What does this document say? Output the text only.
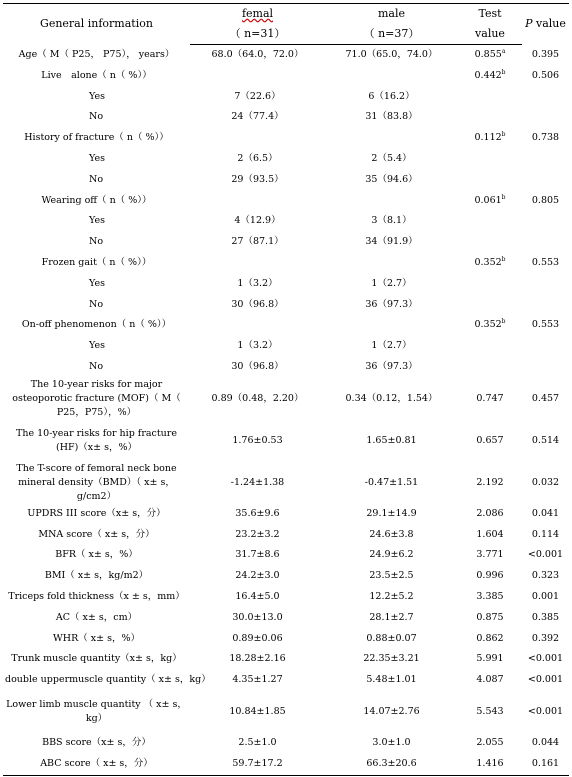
General information	femal	male	Test	P value
	（ n=31）	（ n=37）	value	
Age（ M（ P25， P75）， years）	68.0（64.0，72.0）	71.0（65.0，74.0）	0.855$^a$	0.395
Live　alone（ n（ %））			0.442$^b$	0.506
Yes	7（22.6）	6（16.2）		
No	24（77.4）	31（83.8）		
History of fracture（ n（ %））			0.112$^b$	0.738
Yes	2（6.5）	2（5.4）		
No	29（93.5）	35（94.6）		
Wearing off（ n（ %））			0.061$^b$	0.805
Yes	4（12.9）	3（8.1）		
No	27（87.1）	34（91.9）		
Frozen gait（ n（ %））			0.352$^b$	0.553
Yes	1（3.2）	1（2.7）		
No	30（96.8）	36（97.3）		
On-off phenomenon（ n（ %））			0.352$^b$	0.553
Yes	1（3.2）	1（2.7）		
No	30（96.8）	36（97.3）		
The 10-year risks for major osteoporotic fracture (MOF)（ M（ P25，P75），%）	0.89（0.48，2.20）	0.34（0.12，1.54）	0.747	0.457
The 10-year risks for hip fracture (HF)（x± s，%）	1.76±0.53	1.65±0.81	0.657	0.514
The T-score of femoral neck bone mineral density（BMD）（ x± s，g/cm2）	-1.24±1.38	-0.47±1.51	2.192	0.032
UPDRS III score（x± s，分）	35.6±9.6	29.1±14.9	2.086	0.041
MNA score（ x± s，分）	23.2±3.2	24.6±3.8	1.604	0.114
BFR（ x± s，%）	31.7±8.6	24.9±6.2	3.771	<0.001
BMI（ x± s，kg/m2）	24.2±3.0	23.5±2.5	0.996	0.323
Triceps fold thickness（x ± s，mm）	16.4±5.0	12.2±5.2	3.385	0.001
AC（ x± s，cm）	30.0±13.0	28.1±2.7	0.875	0.385
WHR（ x± s，%）	0.89±0.06	0.88±0.07	0.862	0.392
Trunk muscle quantity（x± s，kg）	18.28±2.16	22.35±3.21	5.991	<0.001
double uppermuscle quantity（ x± s，kg）	4.35±1.27	5.48±1.01	4.087	<0.001
Lower limb muscle quantity （ x± s，kg）	10.84±1.85	14.07±2.76	5.543	<0.001
BBS score（x± s，分）	2.5±1.0	3.0±1.0	2.055	0.044
ABC score（ x± s，分）	59.7±17.2	66.3±20.6	1.416	0.161
